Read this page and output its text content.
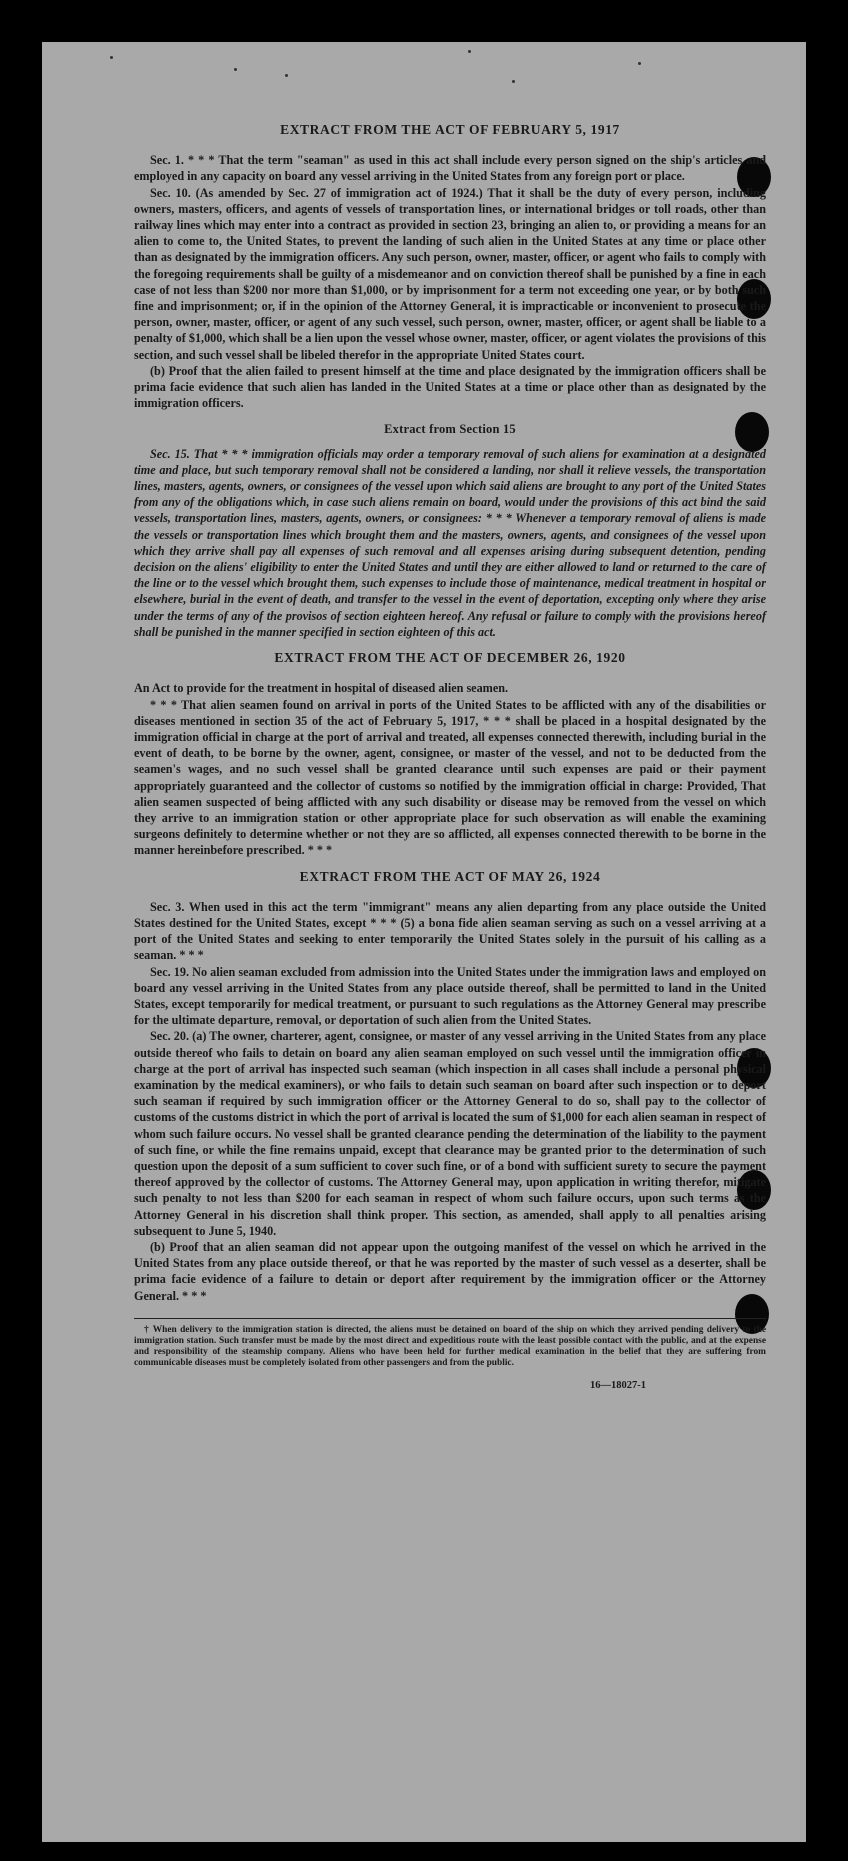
EXTRACT FROM THE ACT OF FEBRUARY 5, 1917

Sec. 1. * * * That the term "seaman" as used in this act shall include every person signed on the ship's articles and employed in any capacity on board any vessel arriving in the United States from any foreign port or place.

Sec. 10. (As amended by Sec. 27 of immigration act of 1924.) That it shall be the duty of every person, including owners, masters, officers, and agents of vessels of transportation lines, or international bridges or toll roads, other than railway lines which may enter into a contract as provided in section 23, bringing an alien to, or providing a means for an alien to come to, the United States, to prevent the landing of such alien in the United States at any time or place other than as designated by the immigration officers. Any such person, owner, master, officer, or agent who fails to comply with the foregoing requirements shall be guilty of a misdemeanor and on conviction thereof shall be punished by a fine in each case of not less than $200 nor more than $1,000, or by imprisonment for a term not exceeding one year, or by both such fine and imprisonment; or, if in the opinion of the Attorney General, it is impracticable or inconvenient to prosecute the person, owner, master, officer, or agent of any such vessel, such person, owner, master, officer, or agent shall be liable to a penalty of $1,000, which shall be a lien upon the vessel whose owner, master, officer, or agent violates the provisions of this section, and such vessel shall be libeled therefor in the appropriate United States court.

(b) Proof that the alien failed to present himself at the time and place designated by the immigration officers shall be prima facie evidence that such alien has landed in the United States at a time or place other than as designated by the immigration officers.

Extract from Section 15

Sec. 15. That * * * immigration officials may order a temporary removal of such aliens for examination at a designated time and place, but such temporary removal shall not be considered a landing, nor shall it relieve vessels, the transportation lines, masters, agents, owners, or consignees of the vessel upon which said aliens are brought to any port of the United States from any of the obligations which, in case such aliens remain on board, would under the provisions of this act bind the said vessels, transportation lines, masters, agents, owners, or consignees: * * * Whenever a temporary removal of aliens is made the vessels or transportation lines which brought them and the masters, owners, agents, and consignees of the vessel upon which they arrive shall pay all expenses of such removal and all expenses arising during subsequent detention, pending decision on the aliens' eligibility to enter the United States and until they are either allowed to land or returned to the care of the line or to the vessel which brought them, such expenses to include those of maintenance, medical treatment in hospital or elsewhere, burial in the event of death, and transfer to the vessel in the event of deportation, excepting only where they arise under the terms of any of the provisos of section eighteen hereof. Any refusal or failure to comply with the provisions hereof shall be punished in the manner specified in section eighteen of this act.

EXTRACT FROM THE ACT OF DECEMBER 26, 1920

An Act to provide for the treatment in hospital of diseased alien seamen.

* * * That alien seamen found on arrival in ports of the United States to be afflicted with any of the disabilities or diseases mentioned in section 35 of the act of February 5, 1917, * * * shall be placed in a hospital designated by the immigration official in charge at the port of arrival and treated, all expenses connected therewith, including burial in the event of death, to be borne by the owner, agent, consignee, or master of the vessel, and not to be deducted from the seamen's wages, and no such vessel shall be granted clearance until such expenses are paid or their payment appropriately guaranteed and the collector of customs so notified by the immigration official in charge: Provided, That alien seamen suspected of being afflicted with any such disability or disease may be removed from the vessel on which they arrive to an immigration station or other appropriate place for such observation as will enable the examining surgeons definitely to determine whether or not they are so afflicted, all expenses connected therewith to be borne in the manner hereinbefore prescribed. * * *

EXTRACT FROM THE ACT OF MAY 26, 1924

Sec. 3. When used in this act the term "immigrant" means any alien departing from any place outside the United States destined for the United States, except * * * (5) a bona fide alien seaman serving as such on a vessel arriving at a port of the United States and seeking to enter temporarily the United States solely in the pursuit of his calling as a seaman. * * *

Sec. 19. No alien seaman excluded from admission into the United States under the immigration laws and employed on board any vessel arriving in the United States from any place outside thereof, shall be permitted to land in the United States, except temporarily for medical treatment, or pursuant to such regulations as the Attorney General may prescribe for the ultimate departure, removal, or deportation of such alien from the United States.

Sec. 20. (a) The owner, charterer, agent, consignee, or master of any vessel arriving in the United States from any place outside thereof who fails to detain on board any alien seaman employed on such vessel until the immigration officer in charge at the port of arrival has inspected such seaman (which inspection in all cases shall include a personal physical examination by the medical examiners), or who fails to detain such seaman on board after such inspection or to deport such seaman if required by such immigration officer or the Attorney General to do so, shall pay to the collector of customs of the customs district in which the port of arrival is located the sum of $1,000 for each alien seaman in respect of whom such failure occurs. No vessel shall be granted clearance pending the determination of the liability to the payment of such fine, or while the fine remains unpaid, except that clearance may be granted prior to the determination of such question upon the deposit of a sum sufficient to cover such fine, or of a bond with sufficient surety to secure the payment thereof approved by the collector of customs. The Attorney General may, upon application in writing therefor, mitigate such penalty to not less than $200 for each seaman in respect of whom such failure occurs, upon such terms as the Attorney General in his discretion shall think proper. This section, as amended, shall apply to all penalties arising subsequent to June 5, 1940.

(b) Proof that an alien seaman did not appear upon the outgoing manifest of the vessel on which he arrived in the United States from any place outside thereof, or that he was reported by the master of such vessel as a deserter, shall be prima facie evidence of a failure to detain or deport after requirement by the immigration officer or the Attorney General. * * *

† When delivery to the immigration station is directed, the aliens must be detained on board of the ship on which they arrived pending delivery to the immigration station. Such transfer must be made by the most direct and expeditious route with the least possible contact with the public, and at the expense and responsibility of the steamship company. Aliens who have been held for further medical examination in the belief that they are suffering from communicable diseases must be completely isolated from other passengers and from the public.

16—18027-1
